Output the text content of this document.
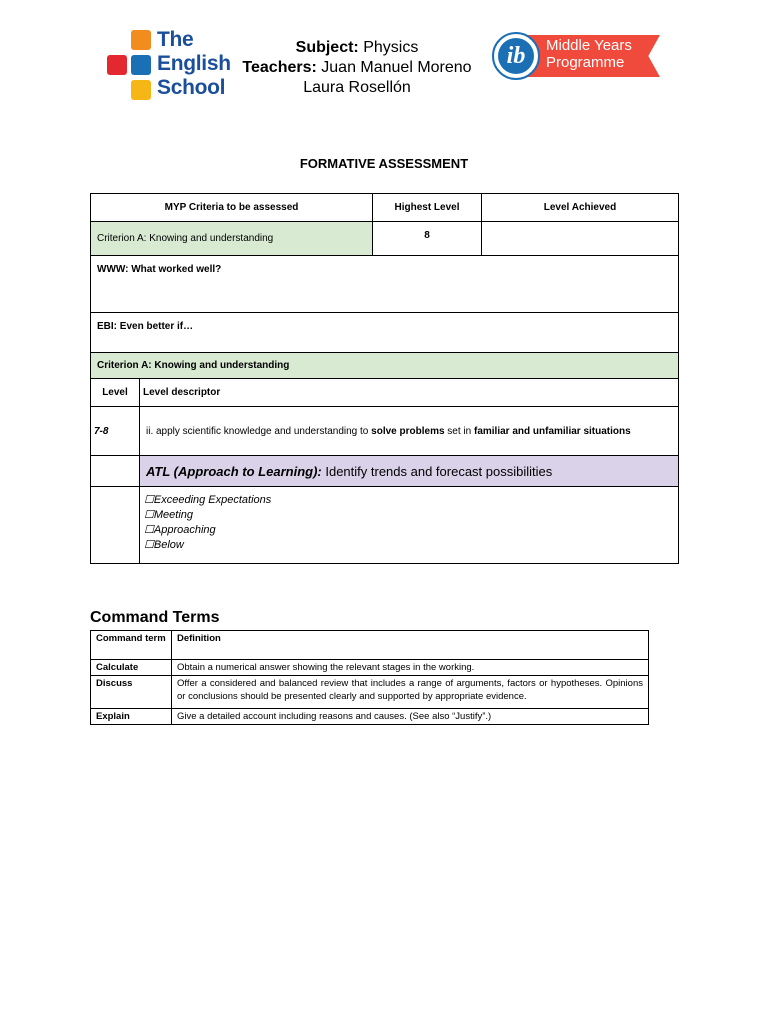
The
English
School
Subject: Physics
Teachers: Juan Manuel Moreno
Laura Rosellón
ib	Middle Years
Programme
FORMATIVE ASSESSMENT
MYP Criteria to be assessed	Highest Level	Level Achieved
Criterion A: Knowing and understanding	8	
WWW: What worked well?		
EBI: Even better if…		
Criterion A: Knowing and understanding	
Level	Level descriptor
7-8	ii. apply scientific knowledge and understanding to solve problems set in familiar and unfamiliar situations
	ATL (Approach to Learning): Identify trends and forecast possibilities

	☐Exceeding Expectations
☐Meeting
☐Approaching
☐Below
Command Terms
Command term	Definition
Calculate	Obtain a numerical answer showing the relevant stages in the working.
Discuss	Offer a considered and balanced review that includes a range of arguments, factors or hypotheses. Opinions or conclusions should be presented clearly and supported by appropriate evidence.
Explain	Give a detailed account including reasons and causes. (See also “Justify”.)
